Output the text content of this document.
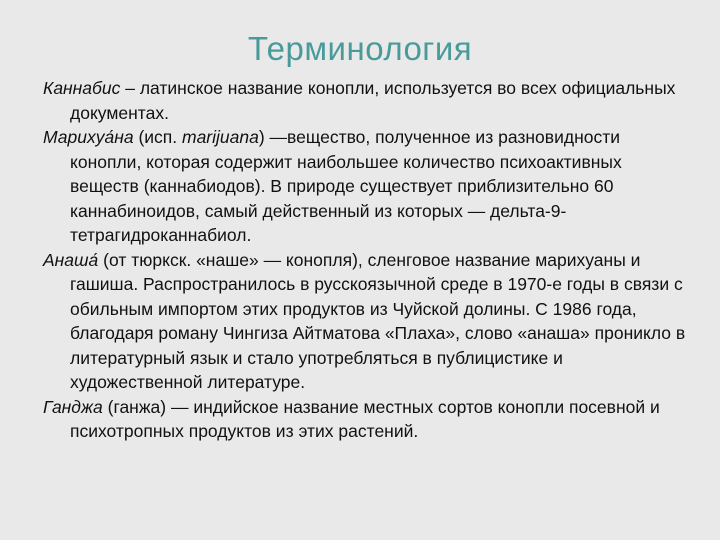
Терминология

Каннабис – латинское название конопли, используется во всех официальных документах.

Марихуа́на (исп. marijuana) —вещество, полученное из разновидности конопли, которая содержит наибольшее количество психоактивных веществ (каннабиодов). В природе существует приблизительно 60 каннабиноидов, самый действенный из которых — дельта-9-тетрагидроканнабиол.

Анаша́ (от тюркск. «наше» — конопля), сленговое название марихуаны и гашиша. Распространилось в русскоязычной среде в 1970-е годы в связи с обильным импортом этих продуктов из Чуйской долины. С 1986 года, благодаря роману Чингиза Айтматова «Плаха», слово «анаша» проникло в литературный язык и стало употребляться в публицистике и художественной литературе.

Ганджа (ганжа) — индийское название местных сортов конопли посевной и психотропных продуктов из этих растений.
